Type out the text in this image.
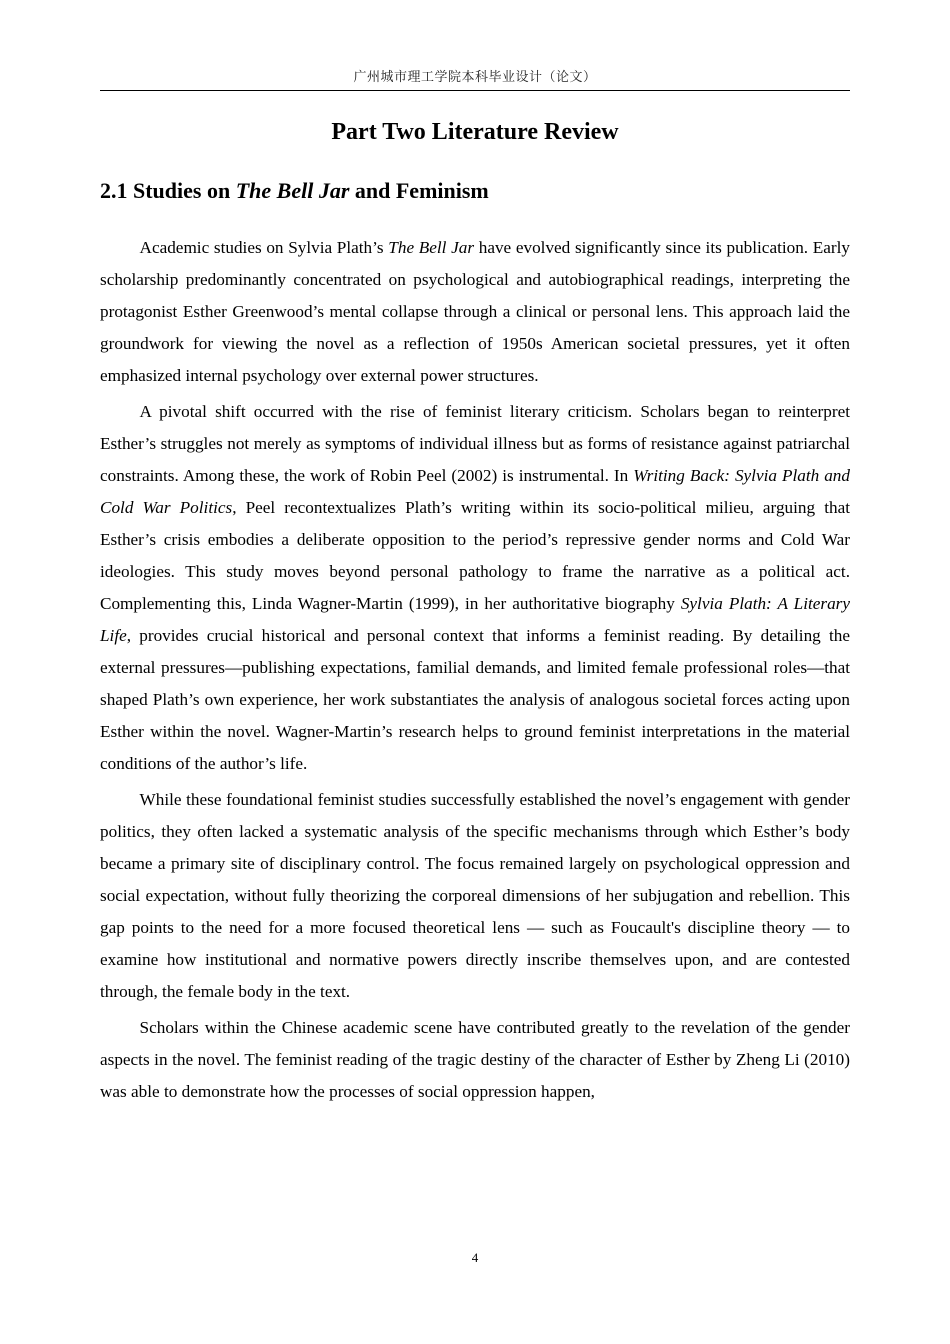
广州城市理工学院本科毕业设计（论文）
Part Two Literature Review
2.1 Studies on The Bell Jar and Feminism

Academic studies on Sylvia Plath’s The Bell Jar have evolved significantly since its publication. Early scholarship predominantly concentrated on psychological and autobiographical readings, interpreting the protagonist Esther Greenwood’s mental collapse through a clinical or personal lens. This approach laid the groundwork for viewing the novel as a reflection of 1950s American societal pressures, yet it often emphasized internal psychology over external power structures.

A pivotal shift occurred with the rise of feminist literary criticism. Scholars began to reinterpret Esther’s struggles not merely as symptoms of individual illness but as forms of resistance against patriarchal constraints. Among these, the work of Robin Peel (2002) is instrumental. In Writing Back: Sylvia Plath and Cold War Politics, Peel recontextualizes Plath’s writing within its socio-political milieu, arguing that Esther’s crisis embodies a deliberate opposition to the period’s repressive gender norms and Cold War ideologies. This study moves beyond personal pathology to frame the narrative as a political act. Complementing this, Linda Wagner-Martin (1999), in her authoritative biography Sylvia Plath: A Literary Life, provides crucial historical and personal context that informs a feminist reading. By detailing the external pressures—publishing expectations, familial demands, and limited female professional roles—that shaped Plath’s own experience, her work substantiates the analysis of analogous societal forces acting upon Esther within the novel. Wagner-Martin’s research helps to ground feminist interpretations in the material conditions of the author’s life.

While these foundational feminist studies successfully established the novel’s engagement with gender politics, they often lacked a systematic analysis of the specific mechanisms through which Esther’s body became a primary site of disciplinary control. The focus remained largely on psychological oppression and social expectation, without fully theorizing the corporeal dimensions of her subjugation and rebellion. This gap points to the need for a more focused theoretical lens — such as Foucault's discipline theory — to examine how institutional and normative powers directly inscribe themselves upon, and are contested through, the female body in the text.

Scholars within the Chinese academic scene have contributed greatly to the revelation of the gender aspects in the novel. The feminist reading of the tragic destiny of the character of Esther by Zheng Li (2010) was able to demonstrate how the processes of social oppression happen,

4
